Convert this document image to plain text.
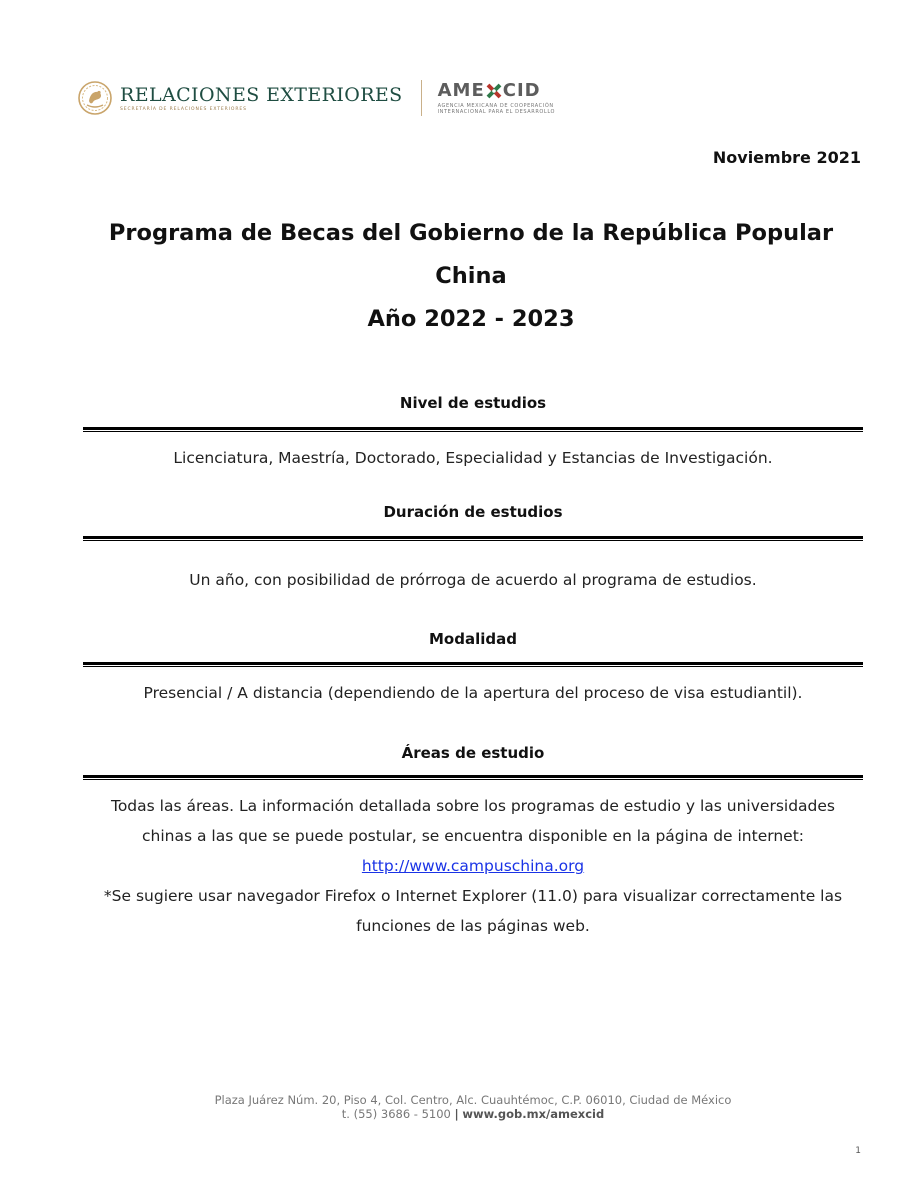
RELACIONES EXTERIORES
SECRETARÍA DE RELACIONES EXTERIORES
AME CID
AGENCIA MEXICANA DE COOPERACIÓN
INTERNACIONAL PARA EL DESARROLLO
Noviembre 2021
Programa de Becas del Gobierno de la República Popular
China
Año 2022 - 2023
Nivel de estudios
Licenciatura, Maestría, Doctorado, Especialidad y Estancias de Investigación.
Duración de estudios
Un año, con posibilidad de prórroga de acuerdo al programa de estudios.
Modalidad
Presencial / A distancia (dependiendo de la apertura del proceso de visa estudiantil).
Áreas de estudio
Todas las áreas. La información detallada sobre los programas de estudio y las universidades
chinas a las que se puede postular, se encuentra disponible en la página de internet:
http://www.campuschina.org
*Se sugiere usar navegador Firefox o Internet Explorer (11.0) para visualizar correctamente las
funciones de las páginas web.
Plaza Juárez Núm. 20, Piso 4, Col. Centro, Alc. Cuauhtémoc, C.P. 06010, Ciudad de México
t. (55) 3686 - 5100 | www.gob.mx/amexcid
1
